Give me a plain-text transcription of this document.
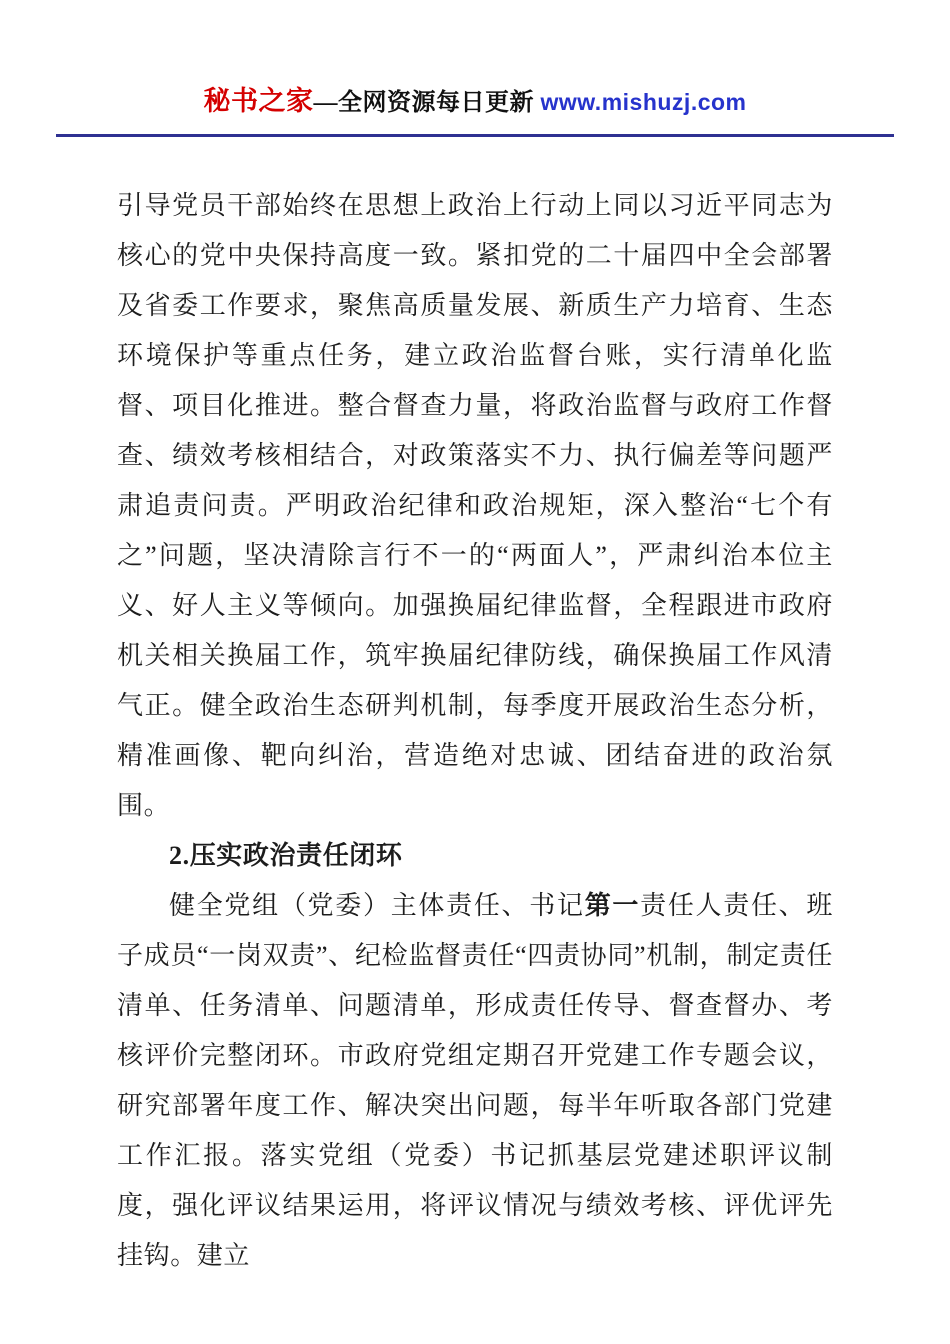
秘书之家—全网资源每日更新 www.mishuzj.com

引导党员干部始终在思想上政治上行动上同以习近平同志为核心的党中央保持高度一致。紧扣党的二十届四中全会部署及省委工作要求，聚焦高质量发展、新质生产力培育、生态环境保护等重点任务，建立政治监督台账，实行清单化监督、项目化推进。整合督查力量，将政治监督与政府工作督查、绩效考核相结合，对政策落实不力、执行偏差等问题严肃追责问责。严明政治纪律和政治规矩，深入整治“七个有之”问题，坚决清除言行不一的“两面人”，严肃纠治本位主义、好人主义等倾向。加强换届纪律监督，全程跟进市政府机关相关换届工作，筑牢换届纪律防线，确保换届工作风清气正。健全政治生态研判机制，每季度开展政治生态分析，精准画像、靶向纠治，营造绝对忠诚、团结奋进的政治氛围。

2.压实政治责任闭环

健全党组（党委）主体责任、书记第一责任人责任、班子成员“一岗双责”、纪检监督责任“四责协同”机制，制定责任清单、任务清单、问题清单，形成责任传导、督查督办、考核评价完整闭环。市政府党组定期召开党建工作专题会议，研究部署年度工作、解决突出问题，每半年听取各部门党建工作汇报。落实党组（党委）书记抓基层党建述职评议制度，强化评议结果运用，将评议情况与绩效考核、评优评先挂钩。建立
